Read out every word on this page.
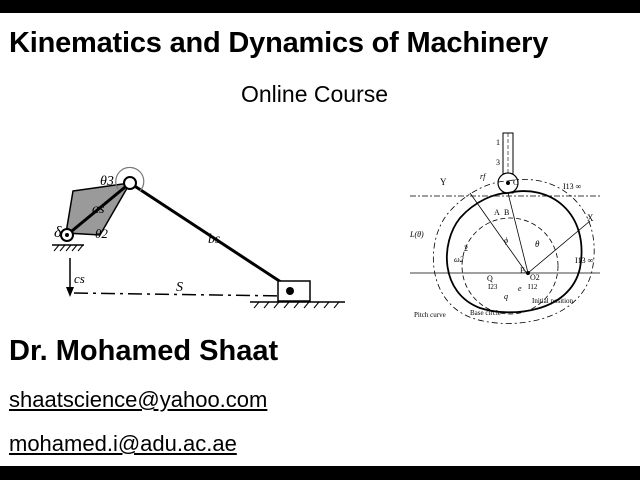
Kinematics and Dynamics of Machinery
Online Course
θ3
as
θ2
δ	bs
cs
S
1
3
rf
C
Y
X
I13 ∞
A B
L(θ)
2	θ
ϕ
ω2	I13 ∞
Q
E
O2
I23	I12
q
e
Pitch curve	Base circle
Initial position
Dr. Mohamed Shaat
shaatscience@yahoo.com
mohamed.i@adu.ac.ae
